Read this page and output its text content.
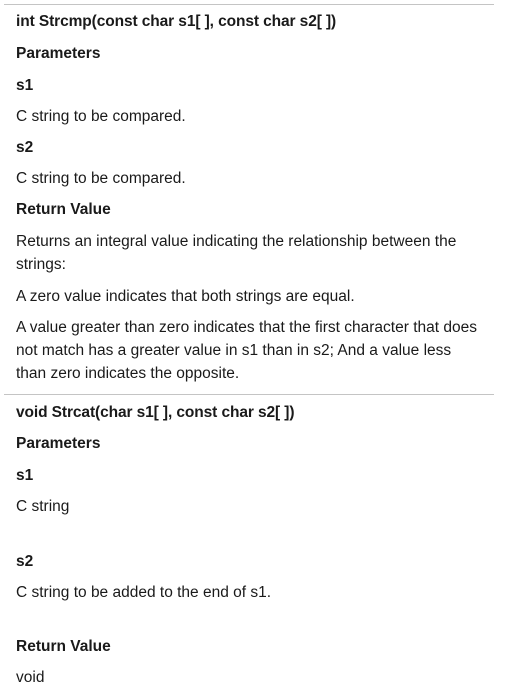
int Strcmp(const char s1[ ], const char s2[ ])
Parameters
s1
C string to be compared.
s2
C string to be compared.
Return Value
Returns an integral value indicating the relationship between the
strings:
A zero value indicates that both strings are equal.
A value greater than zero indicates that the first character that does
not match has a greater value in s1 than in s2; And a value less
than zero indicates the opposite.
void Strcat(char s1[ ], const char s2[ ])
Parameters
s1
C string
s2
C string to be added to the end of s1.
Return Value
void
